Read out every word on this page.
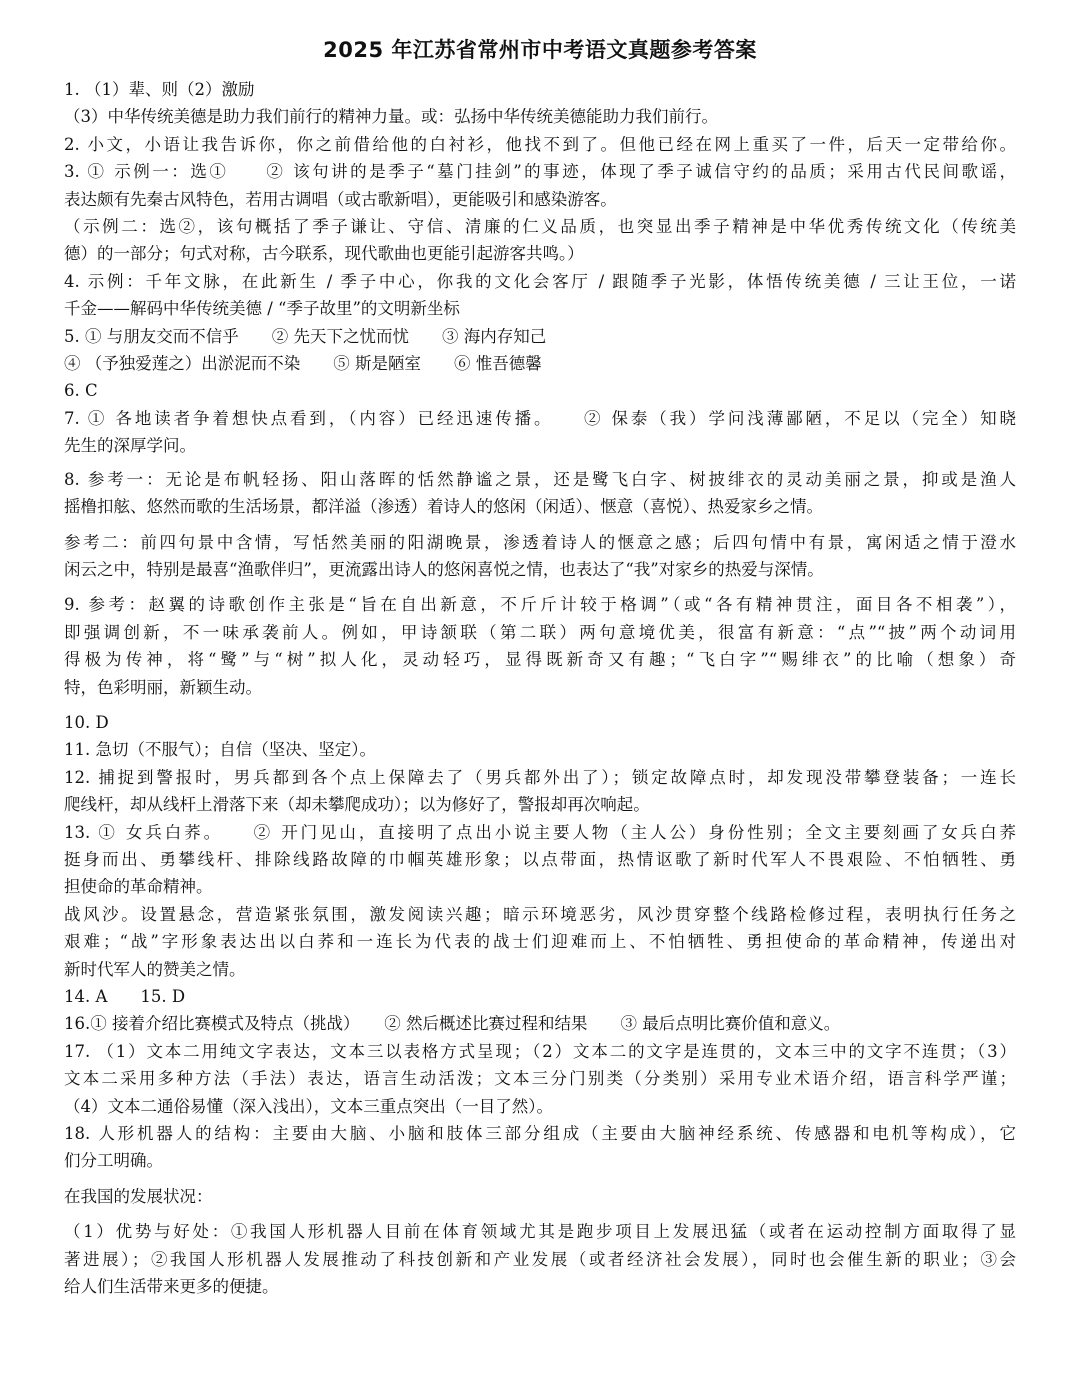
2025 年江苏省常州市中考语文真题参考答案

1. （1）辈、则（2）激励

（3）中华传统美德是助力我们前行的精神力量。或：弘扬中华传统美德能助力我们前行。

2. 小文，小语让我告诉你，你之前借给他的白衬衫，他找不到了。但他已经在网上重买了一件，后天一定带给你。

3. ① 示例一：选①　　② 该句讲的是季子“墓门挂剑”的事迹，体现了季子诚信守约的品质；采用古代民间歌谣，

表达颇有先秦古风特色，若用古调唱（或古歌新唱），更能吸引和感染游客。

（示例二：选②，该句概括了季子谦让、守信、清廉的仁义品质，也突显出季子精神是中华优秀传统文化（传统美

德）的一部分；句式对称，古今联系，现代歌曲也更能引起游客共鸣。）

4. 示例：千年文脉，在此新生 / 季子中心，你我的文化会客厅 / 跟随季子光影，体悟传统美德 / 三让王位，一诺

千金——解码中华传统美德 / “季子故里”的文明新坐标

5. ① 与朋友交而不信乎　　② 先天下之忧而忧　　③ 海内存知己

④ （予独爱莲之）出淤泥而不染　　⑤ 斯是陋室　　⑥ 惟吾德馨

6. C

7. ① 各地读者争着想快点看到，（内容）已经迅速传播。　　② 保泰（我）学问浅薄鄙陋，不足以（完全）知晓

先生的深厚学问。

8. 参考一：无论是布帆轻扬、阳山落晖的恬然静谧之景，还是鹭飞白字、树披绯衣的灵动美丽之景，抑或是渔人

摇橹扣舷、悠然而歌的生活场景，都洋溢（渗透）着诗人的悠闲（闲适）、惬意（喜悦）、热爱家乡之情。

参考二：前四句景中含情，写恬然美丽的阳湖晚景，渗透着诗人的惬意之感；后四句情中有景，寓闲适之情于澄水

闲云之中，特别是最喜“渔歌伴归”，更流露出诗人的悠闲喜悦之情，也表达了“我”对家乡的热爱与深情。

9. 参考：赵翼的诗歌创作主张是“旨在自出新意，不斤斤计较于格调”（或“各有精神贯注，面目各不相袭”），

即强调创新，不一味承袭前人。例如，甲诗颔联（第二联）两句意境优美，很富有新意：“点”“披”两个动词用

得极为传神，将“鹭”与“树”拟人化，灵动轻巧，显得既新奇又有趣；“飞白字”“赐绯衣”的比喻（想象）奇

特，色彩明丽，新颖生动。

10. D

11. 急切（不服气）；自信（坚决、坚定）。

12. 捕捉到警报时，男兵都到各个点上保障去了（男兵都外出了）；锁定故障点时，却发现没带攀登装备；一连长

爬线杆，却从线杆上滑落下来（却未攀爬成功）；以为修好了，警报却再次响起。

13. ① 女兵白荞。　　② 开门见山，直接明了点出小说主要人物（主人公）身份性别；全文主要刻画了女兵白荞

挺身而出、勇攀线杆、排除线路故障的巾帼英雄形象；以点带面，热情讴歌了新时代军人不畏艰险、不怕牺牲、勇

担使命的革命精神。

战风沙。设置悬念，营造紧张氛围，激发阅读兴趣；暗示环境恶劣，风沙贯穿整个线路检修过程，表明执行任务之

艰难；“战”字形象表达出以白荞和一连长为代表的战士们迎难而上、不怕牺牲、勇担使命的革命精神，传递出对

新时代军人的赞美之情。

14. A　　15. D

16.① 接着介绍比赛模式及特点（挑战）　　② 然后概述比赛过程和结果　　③ 最后点明比赛价值和意义。

17. （1）文本二用纯文字表达，文本三以表格方式呈现；（2）文本二的文字是连贯的，文本三中的文字不连贯；（3）

文本二采用多种方法（手法）表达，语言生动活泼；文本三分门别类（分类别）采用专业术语介绍，语言科学严谨；

（4）文本二通俗易懂（深入浅出），文本三重点突出（一目了然）。

18. 人形机器人的结构：主要由大脑、小脑和肢体三部分组成（主要由大脑神经系统、传感器和电机等构成），它

们分工明确。

在我国的发展状况：

（1）优势与好处：①我国人形机器人目前在体育领域尤其是跑步项目上发展迅猛（或者在运动控制方面取得了显

著进展）；②我国人形机器人发展推动了科技创新和产业发展（或者经济社会发展），同时也会催生新的职业；③会

给人们生活带来更多的便捷。
